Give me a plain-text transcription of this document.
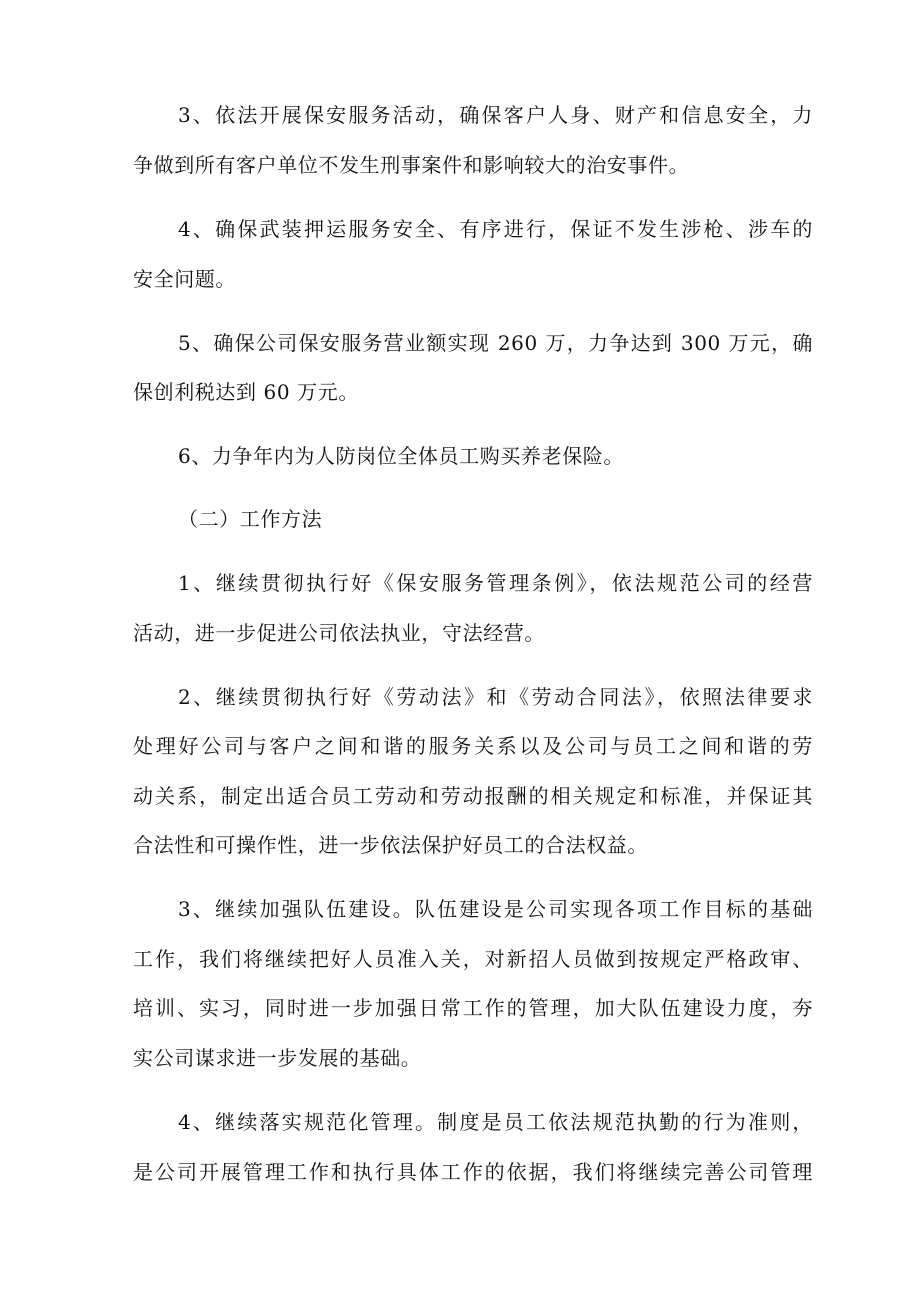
3、依法开展保安服务活动，确保客户人身、财产和信息安全，力
争做到所有客户单位不发生刑事案件和影响较大的治安事件。
4、确保武装押运服务安全、有序进行，保证不发生涉枪、涉车的
安全问题。
5、确保公司保安服务营业额实现 260 万，力争达到 300 万元，确
保创利税达到 60 万元。
6、力争年内为人防岗位全体员工购买养老保险。
（二）工作方法
1、继续贯彻执行好《保安服务管理条例》，依法规范公司的经营
活动，进一步促进公司依法执业，守法经营。
2、继续贯彻执行好《劳动法》和《劳动合同法》，依照法律要求
处理好公司与客户之间和谐的服务关系以及公司与员工之间和谐的劳
动关系，制定出适合员工劳动和劳动报酬的相关规定和标准，并保证其
合法性和可操作性，进一步依法保护好员工的合法权益。
3、继续加强队伍建设。队伍建设是公司实现各项工作目标的基础
工作，我们将继续把好人员准入关，对新招人员做到按规定严格政审、
培训、实习，同时进一步加强日常工作的管理，加大队伍建设力度，夯
实公司谋求进一步发展的基础。
4、继续落实规范化管理。制度是员工依法规范执勤的行为准则，
是公司开展管理工作和执行具体工作的依据，我们将继续完善公司管理
